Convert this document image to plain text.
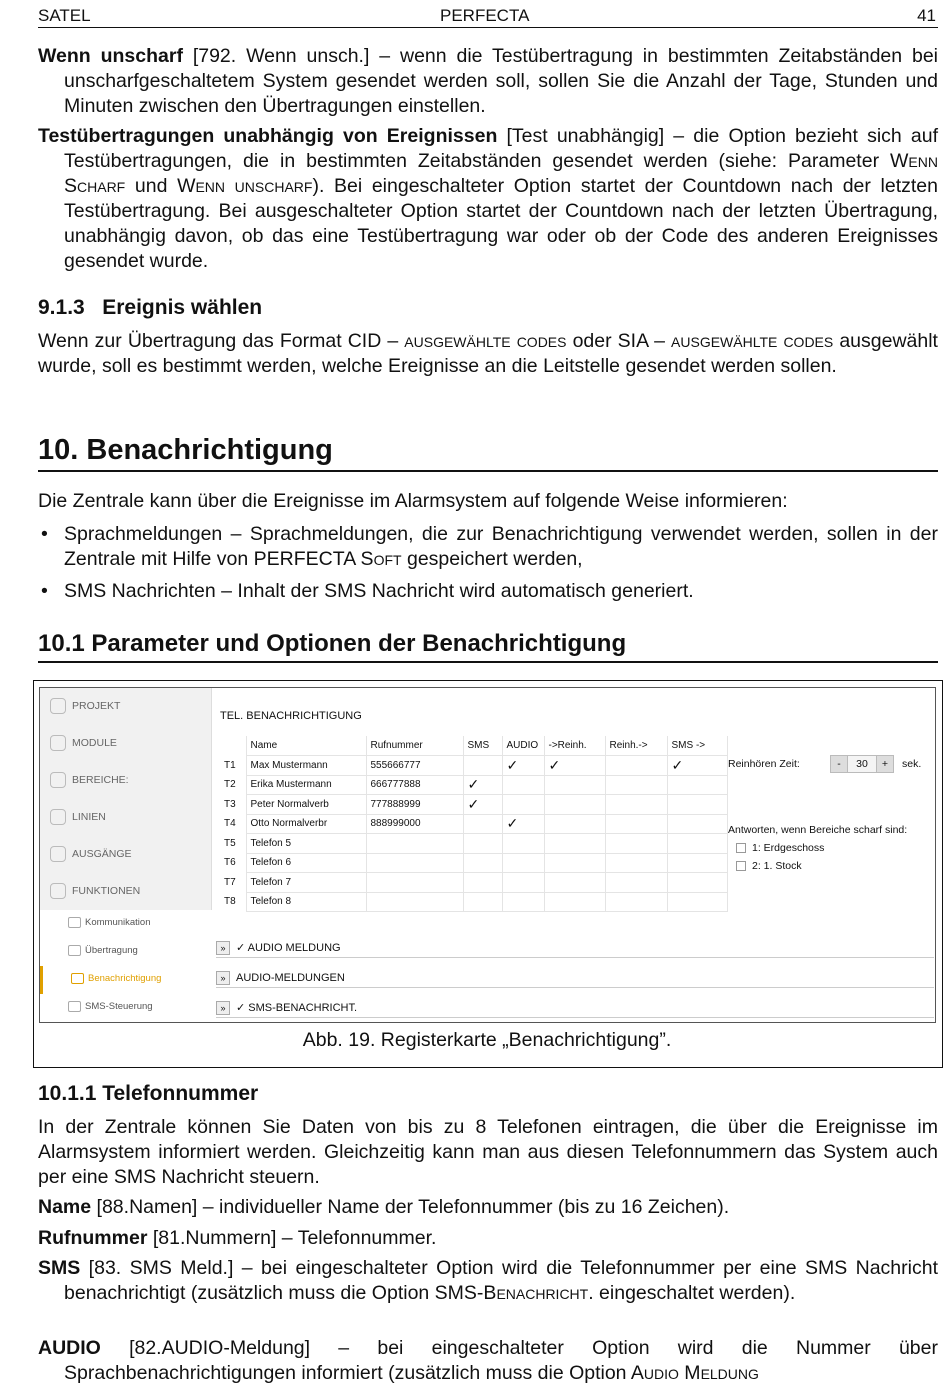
SATEL	PERFECTA	41
Wenn unscharf [792. Wenn unsch.] – wenn die Testübertragung in bestimmten Zeitabständen bei unscharfgeschaltetem System gesendet werden soll, sollen Sie die Anzahl der Tage, Stunden und Minuten zwischen den Übertragungen einstellen.
Testübertragungen unabhängig von Ereignissen [Test unabhängig] – die Option bezieht sich auf Testübertragungen, die in bestimmten Zeitabständen gesendet werden (siehe: Parameter Wenn Scharf und Wenn unscharf). Bei eingeschalteter Option startet der Countdown nach der letzten Testübertragung. Bei ausgeschalteter Option startet der Countdown nach der letzten Übertragung, unabhängig davon, ob das eine Testübertragung war oder ob der Code des anderen Ereignisses gesendet wurde.
9.1.3 Ereignis wählen
Wenn zur Übertragung das Format CID – ausgewählte codes oder SIA – ausgewählte codes ausgewählt wurde, soll es bestimmt werden, welche Ereignisse an die Leitstelle gesendet werden sollen.
10. Benachrichtigung
Die Zentrale kann über die Ereignisse im Alarmsystem auf folgende Weise informieren:
• Sprachmeldungen – Sprachmeldungen, die zur Benachrichtigung verwendet werden, sollen in der Zentrale mit Hilfe von PERFECTA Soft gespeichert werden,
• SMS Nachrichten – Inhalt der SMS Nachricht wird automatisch generiert.
10.1 Parameter und Optionen der Benachrichtigung
PROJEKT
MODULE
BEREICHE:
LINIEN
AUSGÄNGE
FUNKTIONEN
Kommunikation
Übertragung
Benachrichtigung
SMS-Steuerung
TEL. BENACHRICHTIGUNG
	Name	Rufnummer	SMS	AUDIO	->Reinh.	Reinh.->	SMS ->
T1	Max Mustermann	555666777		✓	✓		✓
T2	Erika Mustermann	666777888	✓				
T3	Peter Normalverb	777888999	✓				
T4	Otto Normalverbr	888999000		✓			
T5	Telefon 5						
T6	Telefon 6						
T7	Telefon 7						
T8	Telefon 8						
Reinhören Zeit:	-	30	+	sek.
Antworten, wenn Bereiche scharf sind:
1: Erdgeschoss
2: 1. Stock
» ✓ AUDIO MELDUNG
» AUDIO-MELDUNGEN
» ✓ SMS-BENACHRICHT.
Abb. 19. Registerkarte „Benachrichtigung”.
10.1.1 Telefonnummer
In der Zentrale können Sie Daten von bis zu 8 Telefonen eintragen, die über die Ereignisse im Alarmsystem informiert werden. Gleichzeitig kann man aus diesen Telefonnummern das System auch per eine SMS Nachricht steuern.
Name [88.Namen] – individueller Name der Telefonnummer (bis zu 16 Zeichen).
Rufnummer [81.Nummern] – Telefonnummer.
SMS [83. SMS Meld.] – bei eingeschalteter Option wird die Telefonnummer per eine SMS Nachricht benachrichtigt (zusätzlich muss die Option SMS-Benachricht. eingeschaltet werden).
AUDIO [82.AUDIO-Meldung] – bei eingeschalteter Option wird die Nummer über Sprachbenachrichtigungen informiert (zusätzlich muss die Option Audio Meldung
